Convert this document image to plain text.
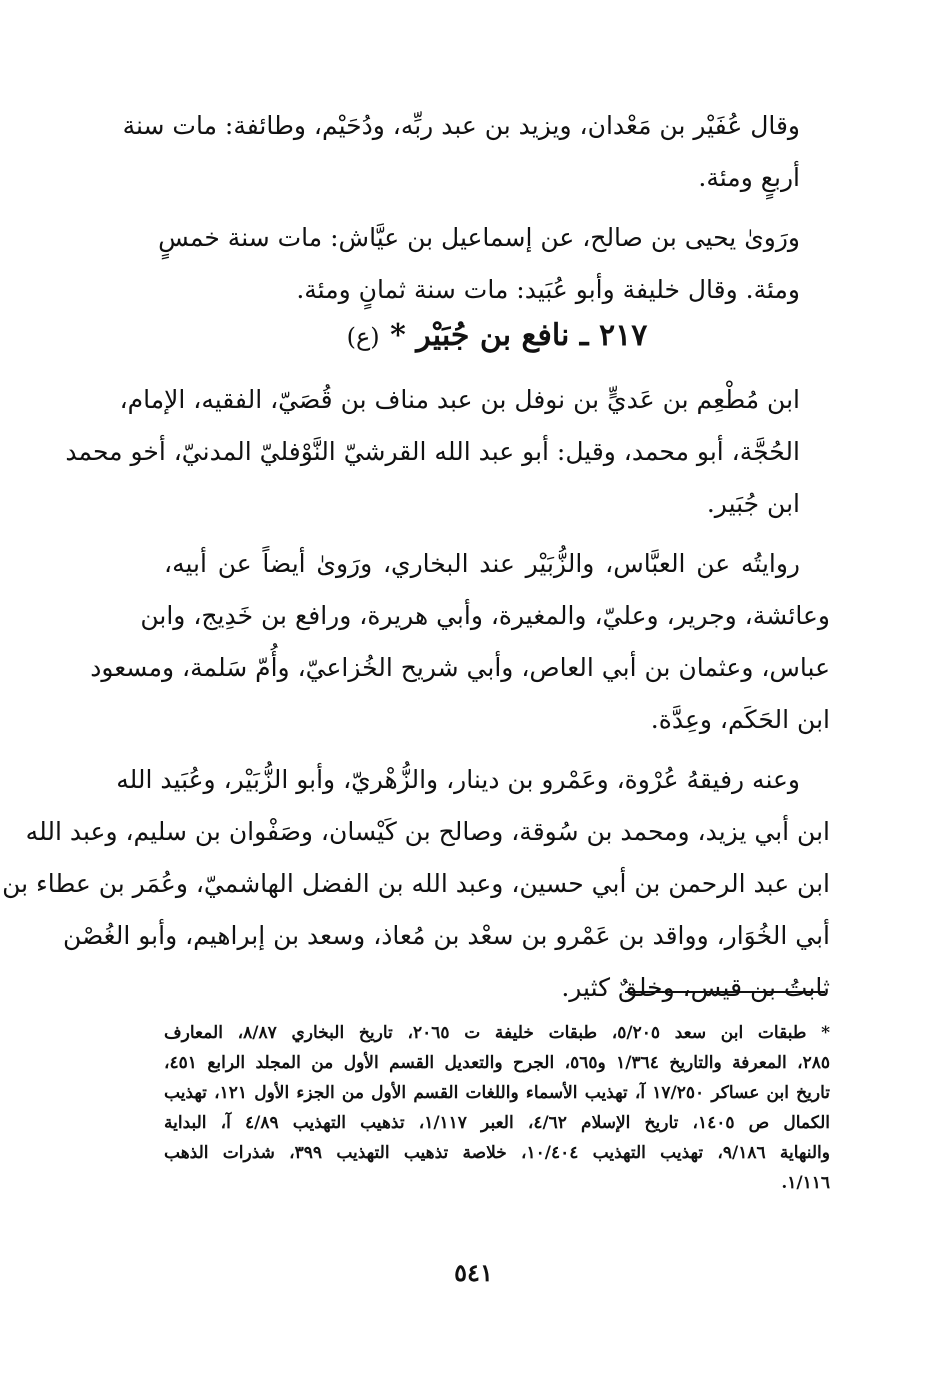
وقال عُفَيْر بن مَعْدان، ويزيد بن عبد ربِّه، ودُحَيْم، وطائفة: مات سنة
أربعٍ ومئة.

ورَوىٰ يحيى بن صالح، عن إسماعيل بن عيَّاش: مات سنة خمسٍ
ومئة. وقال خليفة وأبو عُبَيد: مات سنة ثمانٍ ومئة.

٢١٧ ـ نافع بن جُبَيْر * (ع)

ابن مُطْعِم بن عَديٍّ بن نوفل بن عبد مناف بن قُصَيّ، الفقيه، الإمام،

الحُجَّة، أبو محمد، وقيل: أبو عبد الله القرشيّ النَّوْفليّ المدنيّ، أخو محمد
ابن جُبَير.

روايتُه عن العبَّاس، والزُّبَيْر عند البخاري، ورَوىٰ أيضاً عن أبيه،
وعائشة، وجرير، وعليّ، والمغيرة، وأبي هريرة، ورافع بن خَدِيج، وابن
عباس، وعثمان بن أبي العاص، وأبي شريح الخُزاعيّ، وأُمّ سَلمة، ومسعود
ابن الحَكَم، وعِدَّة.

وعنه رفيقهُ عُرْوة، وعَمْرو بن دينار، والزُّهْريّ، وأبو الزُّبَيْر، وعُبَيد الله
ابن أبي يزيد، ومحمد بن سُوقة، وصالح بن كَيْسان، وصَفْوان بن سليم، وعبد الله
ابن عبد الرحمن بن أبي حسين، وعبد الله بن الفضل الهاشميّ، وعُمَر بن عطاء بن
أبي الخُوَار، وواقد بن عَمْرو بن سعْد بن مُعاذ، وسعد بن إبراهيم، وأبو الغُصْن
ثابتُ بن قيس، وخلقٌ كثير.

* طبقات ابن سعد ٥/٢٠٥، طبقات خليفة ت ٢٠٦٥، تاريخ البخاري ٨/٨٧، المعارف
٢٨٥، المعرفة والتاريخ ١/٣٦٤ و٥٦٥، الجرح والتعديل القسم الأول من المجلد الرابع ٤٥١،
تاريخ ابن عساكر ١٧/٢٥٠ آ، تهذيب الأسماء واللغات القسم الأول من الجزء الأول ١٢١، تهذيب
الكمال ص ١٤٠٥، تاريخ الإسلام ٤/٦٢، العبر ١/١١٧، تذهيب التهذيب ٤/٨٩ آ، البداية
والنهاية ٩/١٨٦، تهذيب التهذيب ١٠/٤٠٤، خلاصة تذهيب التهذيب ٣٩٩، شذرات الذهب
١/١١٦.
٥٤١
